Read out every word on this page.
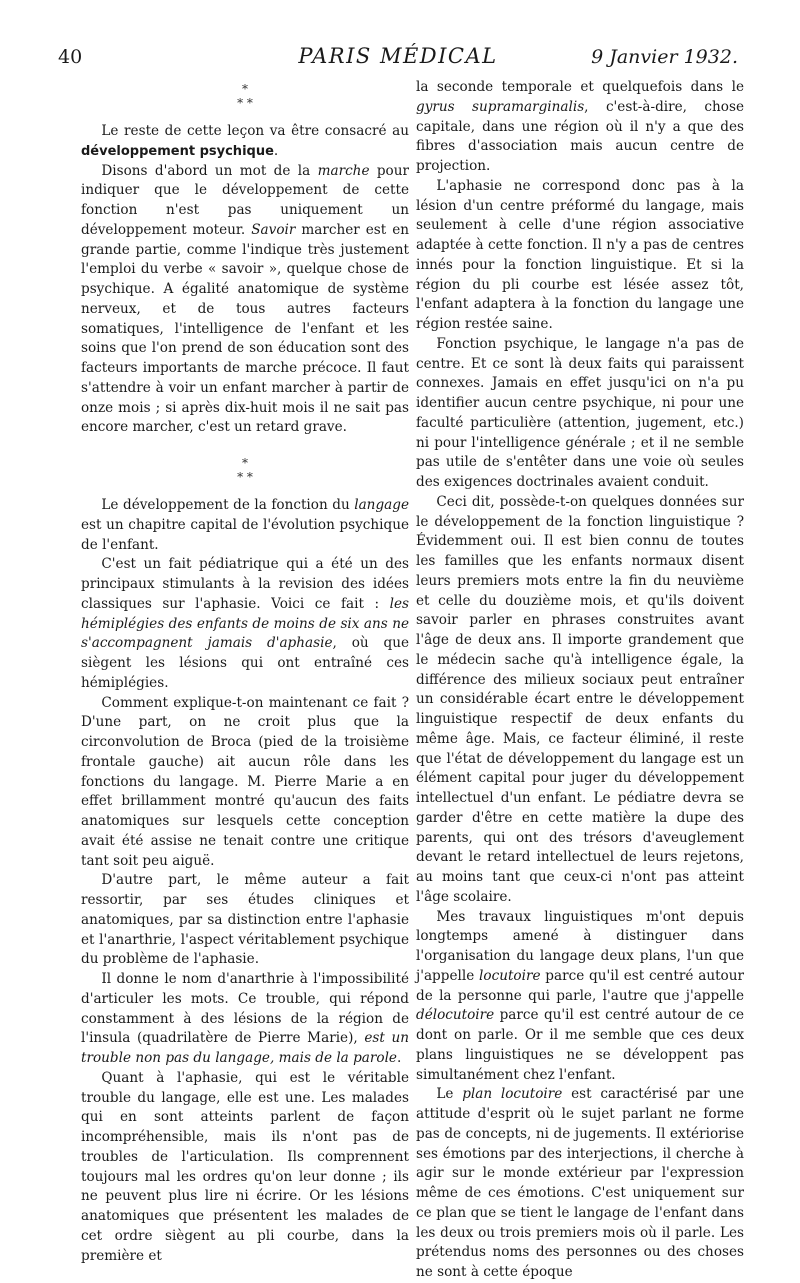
40	PARIS MÉDICAL	9 Janvier 1932.
*
* *

Le reste de cette leçon va être consacré au développement psychique.

Disons d'abord un mot de la marche pour indiquer que le développement de cette fonction n'est pas uniquement un développement moteur. Savoir marcher est en grande partie, comme l'indique très justement l'emploi du verbe « savoir », quelque chose de psychique. A égalité anatomique de système nerveux, et de tous autres facteurs somatiques, l'intelligence de l'enfant et les soins que l'on prend de son éducation sont des facteurs importants de marche précoce. Il faut s'attendre à voir un enfant marcher à partir de onze mois ; si après dix-huit mois il ne sait pas encore marcher, c'est un retard grave.

*
* *

Le développement de la fonction du langage est un chapitre capital de l'évolution psychique de l'enfant.

C'est un fait pédiatrique qui a été un des principaux stimulants à la revision des idées classiques sur l'aphasie. Voici ce fait : les hémiplégies des enfants de moins de six ans ne s'accompagnent jamais d'aphasie, où que siègent les lésions qui ont entraîné ces hémiplégies.

Comment explique-t-on maintenant ce fait ? D'une part, on ne croit plus que la circonvolution de Broca (pied de la troisième frontale gauche) ait aucun rôle dans les fonctions du langage. M. Pierre Marie a en effet brillamment montré qu'aucun des faits anatomiques sur lesquels cette conception avait été assise ne tenait contre une critique tant soit peu aiguë.

D'autre part, le même auteur a fait ressortir, par ses études cliniques et anatomiques, par sa distinction entre l'aphasie et l'anarthrie, l'aspect véritablement psychique du problème de l'aphasie.

Il donne le nom d'anarthrie à l'impossibilité d'articuler les mots. Ce trouble, qui répond constamment à des lésions de la région de l'insula (quadrilatère de Pierre Marie), est un trouble non pas du langage, mais de la parole.

Quant à l'aphasie, qui est le véritable trouble du langage, elle est une. Les malades qui en sont atteints parlent de façon incompréhensible, mais ils n'ont pas de troubles de l'articulation. Ils comprennent toujours mal les ordres qu'on leur donne ; ils ne peuvent plus lire ni écrire. Or les lésions anatomiques que présentent les malades de cet ordre siègent au pli courbe, dans la première et

la seconde temporale et quelquefois dans le gyrus supramarginalis, c'est-à-dire, chose capitale, dans une région où il n'y a que des fibres d'association mais aucun centre de projection.

L'aphasie ne correspond donc pas à la lésion d'un centre préformé du langage, mais seulement à celle d'une région associative adaptée à cette fonction. Il n'y a pas de centres innés pour la fonction linguistique. Et si la région du pli courbe est lésée assez tôt, l'enfant adaptera à la fonction du langage une région restée saine.

Fonction psychique, le langage n'a pas de centre. Et ce sont là deux faits qui paraissent connexes. Jamais en effet jusqu'ici on n'a pu identifier aucun centre psychique, ni pour une faculté particulière (attention, jugement, etc.) ni pour l'intelligence générale ; et il ne semble pas utile de s'entêter dans une voie où seules des exigences doctrinales avaient conduit.

Ceci dit, possède-t-on quelques données sur le développement de la fonction linguistique ? Évidemment oui. Il est bien connu de toutes les familles que les enfants normaux disent leurs premiers mots entre la fin du neuvième et celle du douzième mois, et qu'ils doivent savoir parler en phrases construites avant l'âge de deux ans. Il importe grandement que le médecin sache qu'à intelligence égale, la différence des milieux sociaux peut entraîner un considérable écart entre le développement linguistique respectif de deux enfants du même âge. Mais, ce facteur éliminé, il reste que l'état de développement du langage est un élément capital pour juger du développement intellectuel d'un enfant. Le pédiatre devra se garder d'être en cette matière la dupe des parents, qui ont des trésors d'aveuglement devant le retard intellectuel de leurs rejetons, au moins tant que ceux-ci n'ont pas atteint l'âge scolaire.

Mes travaux linguistiques m'ont depuis longtemps amené à distinguer dans l'organisation du langage deux plans, l'un que j'appelle locutoire parce qu'il est centré autour de la personne qui parle, l'autre que j'appelle délocutoire parce qu'il est centré autour de ce dont on parle. Or il me semble que ces deux plans linguistiques ne se développent pas simultanément chez l'enfant.

Le plan locutoire est caractérisé par une attitude d'esprit où le sujet parlant ne forme pas de concepts, ni de jugements. Il extériorise ses émotions par des interjections, il cherche à agir sur le monde extérieur par l'expression même de ces émotions. C'est uniquement sur ce plan que se tient le langage de l'enfant dans les deux ou trois premiers mois où il parle. Les prétendus noms des personnes ou des choses ne sont à cette époque
